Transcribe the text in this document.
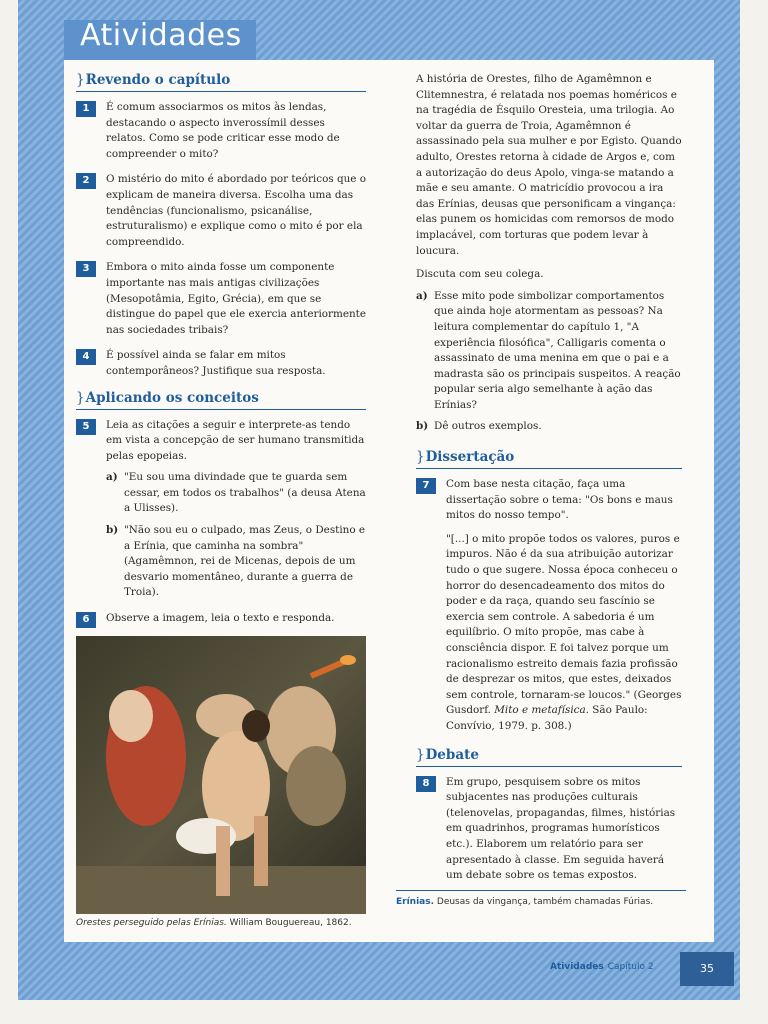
Atividades
}Revendo o capítulo
1	É comum associarmos os mitos às lendas, destacando o aspecto inverossímil desses relatos. Como se pode criticar esse modo de compreender o mito?

2	O mistério do mito é abordado por teóricos que o explicam de maneira diversa. Escolha uma das tendências (funcionalismo, psicanálise, estruturalismo) e explique como o mito é por ela compreendido.

3	Embora o mito ainda fosse um componente importante nas mais antigas civilizações (Mesopotâmia, Egito, Grécia), em que se distingue do papel que ele exercia anteriormente nas sociedades tribais?

4	É possível ainda se falar em mitos contemporâneos? Justifique sua resposta.

}Aplicando os conceitos
5	Leia as citações a seguir e interprete-as tendo em vista a concepção de ser humano transmitida pelas epopeias.

a) "Eu sou uma divindade que te guarda sem cessar, em todos os trabalhos" (a deusa Atena a Ulisses).

b) "Não sou eu o culpado, mas Zeus, o Destino e a Erínia, que caminha na sombra" (Agamêmnon, rei de Micenas, depois de um desvario momentâneo, durante a guerra de Troia).

6	Observe a imagem, leia o texto e responda.

Orestes perseguido pelas Erínias. William Bouguereau, 1862.

A história de Orestes, filho de Agamêmnon e Clitemnestra, é relatada nos poemas homéricos e na tragédia de Ésquilo Oresteia, uma trilogia. Ao voltar da guerra de Troia, Agamêmnon é assassinado pela sua mulher e por Egisto. Quando adulto, Orestes retorna à cidade de Argos e, com a autorização do deus Apolo, vinga-se matando a mãe e seu amante. O matricídio provocou a ira das Erínias, deusas que personificam a vingança: elas punem os homicidas com remorsos de modo implacável, com torturas que podem levar à loucura.

Discuta com seu colega.

a) Esse mito pode simbolizar comportamentos que ainda hoje atormentam as pessoas? Na leitura complementar do capítulo 1, "A experiência filosófica", Calligaris comenta o assassinato de uma menina em que o pai e a madrasta são os principais suspeitos. A reação popular seria algo semelhante à ação das Erínias?

b) Dê outros exemplos.

}Dissertação
7	Com base nesta citação, faça uma dissertação sobre o tema: "Os bons e maus mitos do nosso tempo".

"[...] o mito propõe todos os valores, puros e impuros. Não é da sua atribuição autorizar tudo o que sugere. Nossa época conheceu o horror do desencadeamento dos mitos do poder e da raça, quando seu fascínio se exercia sem controle. A sabedoria é um equilíbrio. O mito propõe, mas cabe à consciência dispor. E foi talvez porque um racionalismo estreito demais fazia profissão de desprezar os mitos, que estes, deixados sem controle, tornaram-se loucos." (Georges Gusdorf. Mito e metafísica. São Paulo: Convívio, 1979. p. 308.)

}Debate
8	Em grupo, pesquisem sobre os mitos subjacentes nas produções culturais (telenovelas, propagandas, filmes, histórias em quadrinhos, programas humorísticos etc.). Elaborem um relatório para ser apresentado à classe. Em seguida haverá um debate sobre os temas expostos.

Erínias. Deusas da vingança, também chamadas Fúrias.
Atividades Capítulo 2	35
